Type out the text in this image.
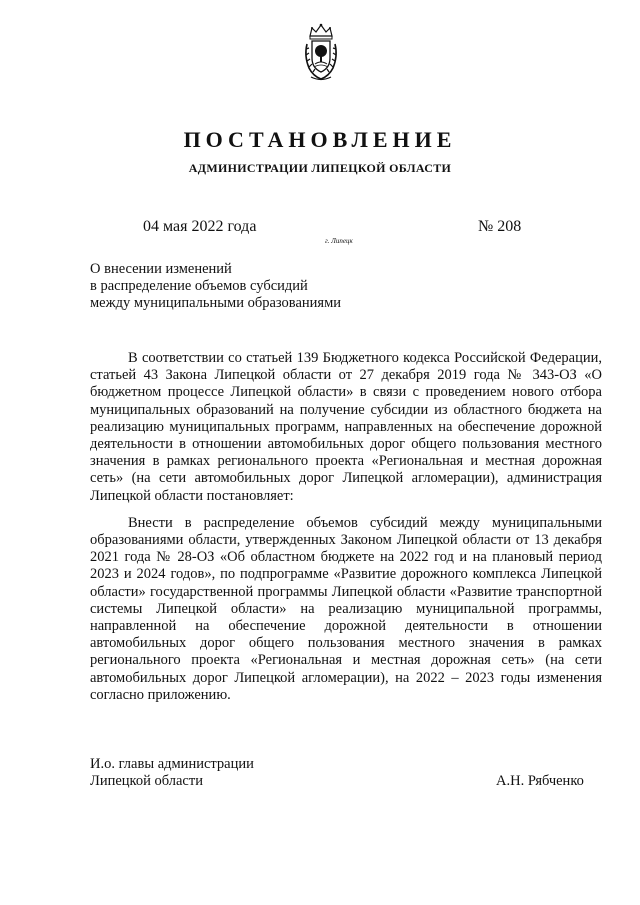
ПОСТАНОВЛЕНИЕ
АДМИНИСТРАЦИИ ЛИПЕЦКОЙ ОБЛАСТИ
04 мая 2022 года	№ 208
г. Липецк
О внесении изменений
в распределение объемов субсидий
между муниципальными образованиями

В соответствии со статьей 139 Бюджетного кодекса Российской Федерации, статьей 43 Закона Липецкой области от 27 декабря 2019 года № 343-ОЗ «О бюджетном процессе Липецкой области» в связи с проведением нового отбора муниципальных образований на получение субсидии из областного бюджета на реализацию муниципальных программ, направленных на обеспечение дорожной деятельности в отношении автомобильных дорог общего пользования местного значения в рамках регионального проекта «Региональная и местная дорожная сеть» (на сети автомобильных дорог Липецкой агломерации), администрация Липецкой области постановляет:

Внести в распределение объемов субсидий между муниципальными образованиями области, утвержденных Законом Липецкой области от 13 декабря 2021 года № 28-ОЗ «Об областном бюджете на 2022 год и на плановый период 2023 и 2024 годов», по подпрограмме «Развитие дорожного комплекса Липецкой области» государственной программы Липецкой области «Развитие транспортной системы Липецкой области» на реализацию муниципальной программы, направленной на обеспечение дорожной деятельности в отношении автомобильных дорог общего пользования местного значения в рамках регионального проекта «Региональная и местная дорожная сеть» (на сети автомобильных дорог Липецкой агломерации), на 2022 – 2023 годы изменения согласно приложению.

И.о. главы администрации
Липецкой области	А.Н. Рябченко
